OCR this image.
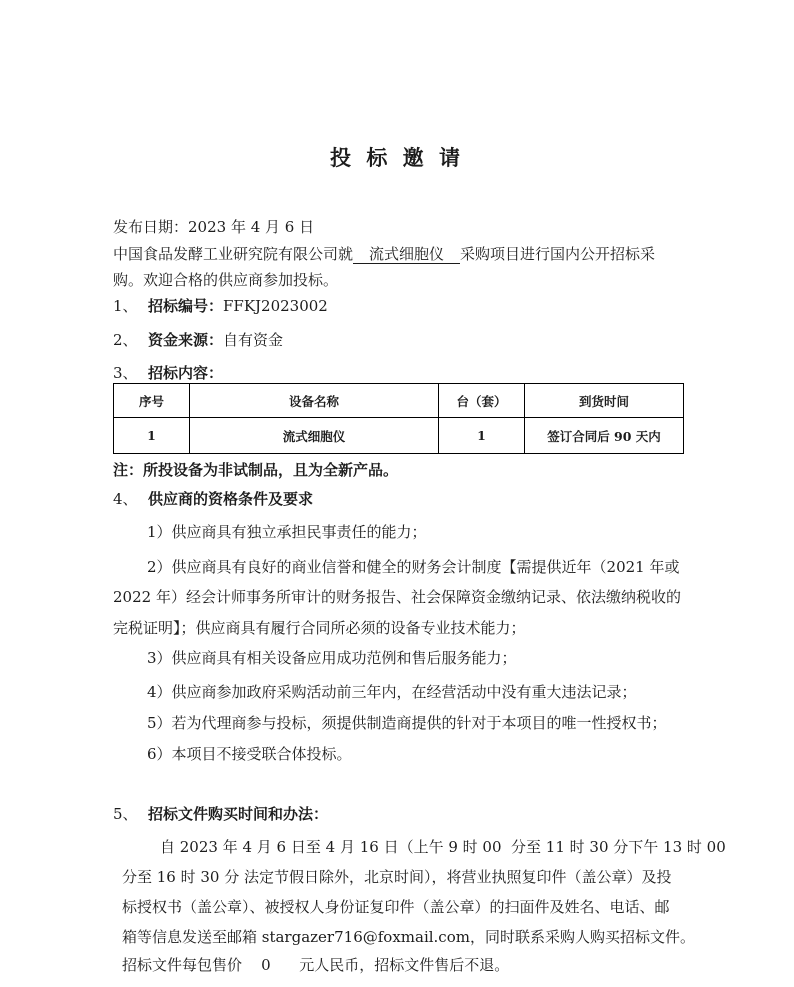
投 标 邀 请
发布日期：2023 年 4 月 6 日
中国食品发酵工业研究院有限公司就 流式细胞仪 采购项目进行国内公开招标采
购。欢迎合格的供应商参加投标。
1、 招标编号：FFKJ2023002
2、 资金来源：自有资金
3、 招标内容：
序号	设备名称	台（套）	到货时间
1	流式细胞仪	1	签订合同后 90 天内
注：所投设备为非试制品，且为全新产品。
4、 供应商的资格条件及要求
1）供应商具有独立承担民事责任的能力；
2）供应商具有良好的商业信誉和健全的财务会计制度【需提供近年（2021 年或
2022 年）经会计师事务所审计的财务报告、社会保障资金缴纳记录、依法缴纳税收的
完税证明】；供应商具有履行合同所必须的设备专业技术能力；
3）供应商具有相关设备应用成功范例和售后服务能力；
4）供应商参加政府采购活动前三年内，在经营活动中没有重大违法记录；
5）若为代理商参与投标，须提供制造商提供的针对于本项目的唯一性授权书；
6）本项目不接受联合体投标。
5、 招标文件购买时间和办法：
自 2023 年 4 月 6 日至 4 月 16 日（上午 9 时 00  分至 11 时 30 分下午 13 时 00
分至 16 时 30 分 法定节假日除外，北京时间），将营业执照复印件（盖公章）及投
标授权书（盖公章）、被授权人身份证复印件（盖公章）的扫面件及姓名、电话、邮
箱等信息发送至邮箱 stargazer716@foxmail.com，同时联系采购人购买招标文件。
招标文件每包售价    0      元人民币，招标文件售后不退。
